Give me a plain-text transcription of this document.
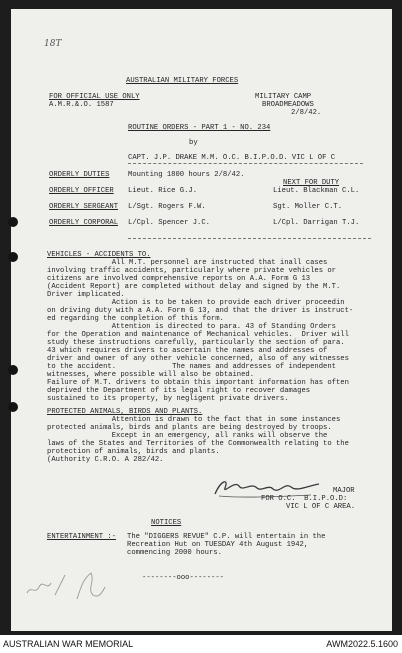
18T
AUSTRALIAN MILITARY FORCES
FOR OFFICIAL USE ONLY
A.M.R.&.O. 1587
MILITARY CAMP
BROADMEADOWS
2/8/42.
ROUTINE ORDERS - PART 1 - NO. 234
by
CAPT. J.P. DRAKE M.M. O.C. B.I.P.O.D. VIC L OF C
ORDERLY DUTIES	Mounting 1800 hours 2/8/42.
NEXT FOR DUTY
ORDERLY OFFICER Lieut. Rice G.J.	Lieut. Blackman C.L.
ORDERLY SERGEANT L/Sgt. Rogers F.W.	Sgt. Moller C.T.
ORDERLY CORPORAL L/Cpl. Spencer J.C.	L/Cpl. Darrigan T.J.
VEHICLES - ACCIDENTS TO.
All M.T. personnel are instructed that inall cases
involving traffic accidents, particularly where private vehicles or
citizens are involved comprehensive reports on A.A. Form G 13
(Accident Report) are completed without delay and signed by the M.T.
Driver implicated.
Action is to be taken to provide each driver proceedin
on driving duty with a A.A. Form G 13, and that the driver is instruct-
ed regarding the completion of this form.
Attention is directed to para. 43 of Standing Orders
for the Operation and maintenance of Mechanical vehicles.  Driver will
study these instructions carefully, particularly the section of para.
43 which requires drivers to ascertain the names and addresses of
driver and owner of any other vehicle concerned, also of any witnesses
to the accident.             The names and addresses of independent
witnesses, where possible will also be obtained.
Failure of M.T. drivers to obtain this important information has often
deprived the Department of its legal right to recover damages
sustained to its property, by negligent private drivers.
PROTECTED ANIMALS, BIRDS AND PLANTS.
Attention is drawn to the fact that in some instances
protected animals, birds and plants are being destroyed by troops.
Except in an emergency, all ranks will observe the
laws of the States and Territories of the Commonwealth relating to the
protection of animals, birds and plants.
(Authority C.R.O. A 282/42.
MAJOR
FOR O.C.  B.I.P.O.D:
VIC L OF C AREA.
NOTICES
ENTERTAINMENT :- The "DIGGERS REVUE" C.P. will entertain in the
Recreation Hut on TUESDAY 4th August 1942,
commencing 2000 hours.
--------ooo--------
AUSTRALIAN WAR MEMORIAL	AWM2022.5.1600
